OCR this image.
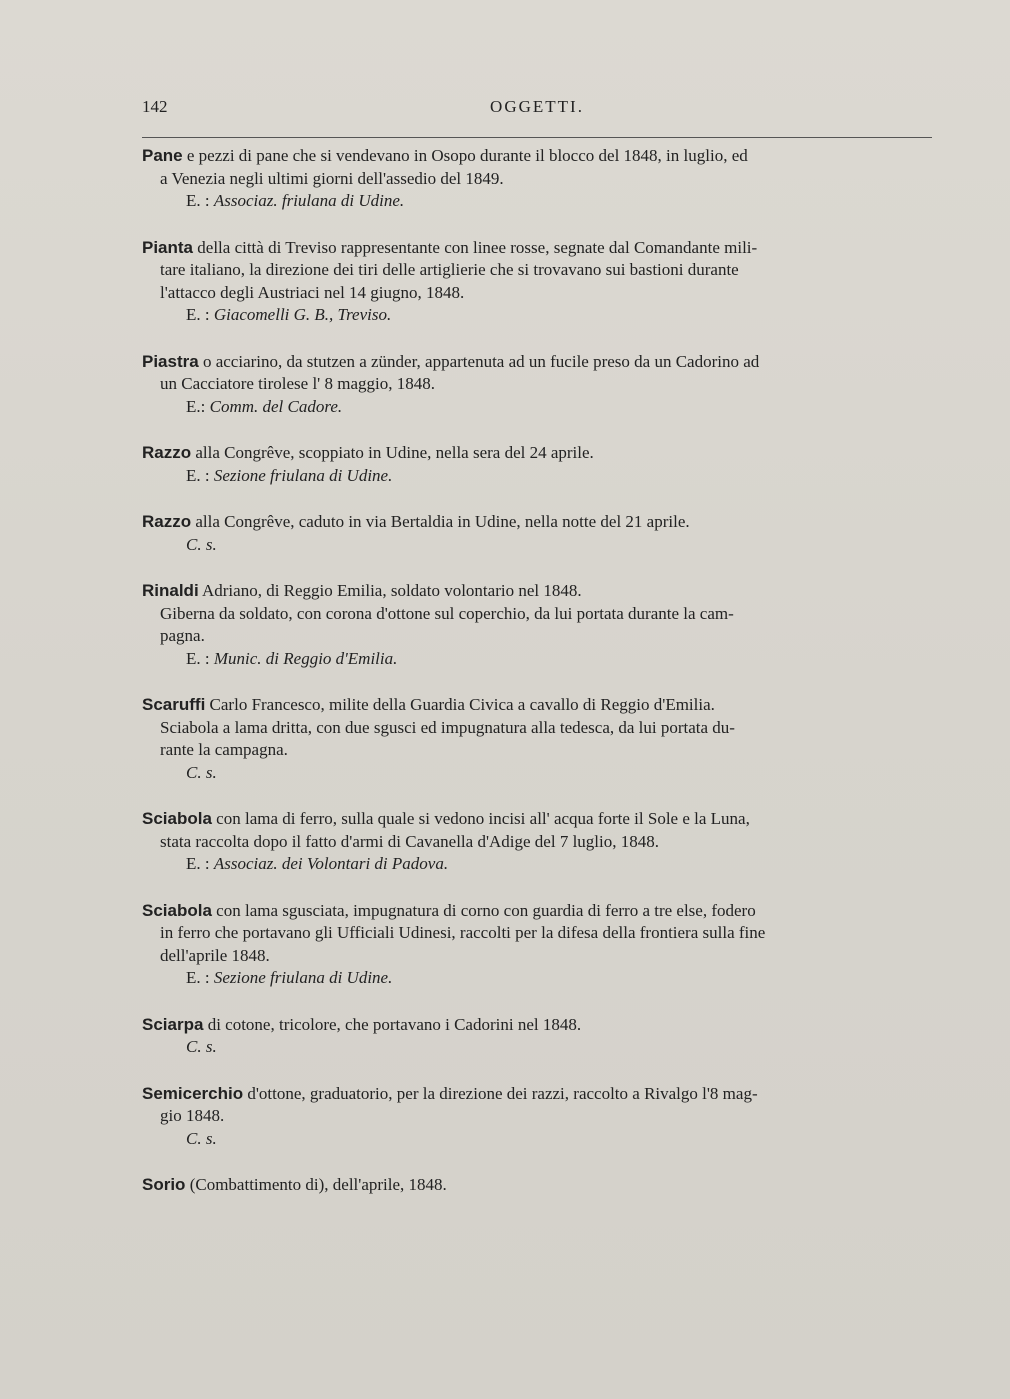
142	OGGETTI.
Pane e pezzi di pane che si vendevano in Osopo durante il blocco del 1848, in luglio, ed
a Venezia negli ultimi giorni dell'assedio del 1849.
E. : Associaz. friulana di Udine.
Pianta della città di Treviso rappresentante con linee rosse, segnate dal Comandante mili-
tare italiano, la direzione dei tiri delle artiglierie che si trovavano sui bastioni durante
l'attacco degli Austriaci nel 14 giugno, 1848.
E. : Giacomelli G. B., Treviso.
Piastra o acciarino, da stutzen a zünder, appartenuta ad un fucile preso da un Cadorino ad
un Cacciatore tirolese l' 8 maggio, 1848.
E.: Comm. del Cadore.
Razzo alla Congrêve, scoppiato in Udine, nella sera del 24 aprile.
E. : Sezione friulana di Udine.
Razzo alla Congrêve, caduto in via Bertaldia in Udine, nella notte del 21 aprile.
C. s.
Rinaldi Adriano, di Reggio Emilia, soldato volontario nel 1848.
Giberna da soldato, con corona d'ottone sul coperchio, da lui portata durante la cam-
pagna.
E. : Munic. di Reggio d'Emilia.
Scaruffi Carlo Francesco, milite della Guardia Civica a cavallo di Reggio d'Emilia.
Sciabola a lama dritta, con due sgusci ed impugnatura alla tedesca, da lui portata du-
rante la campagna.
C. s.
Sciabola con lama di ferro, sulla quale si vedono incisi all' acqua forte il Sole e la Luna,
stata raccolta dopo il fatto d'armi di Cavanella d'Adige del 7 luglio, 1848.
E. : Associaz. dei Volontari di Padova.
Sciabola con lama sgusciata, impugnatura di corno con guardia di ferro a tre else, fodero
in ferro che portavano gli Ufficiali Udinesi, raccolti per la difesa della frontiera sulla fine
dell'aprile 1848.
E. : Sezione friulana di Udine.
Sciarpa di cotone, tricolore, che portavano i Cadorini nel 1848.
C. s.
Semicerchio d'ottone, graduatorio, per la direzione dei razzi, raccolto a Rivalgo l'8 mag-
gio 1848.
C. s.
Sorio (Combattimento di), dell'aprile, 1848.
